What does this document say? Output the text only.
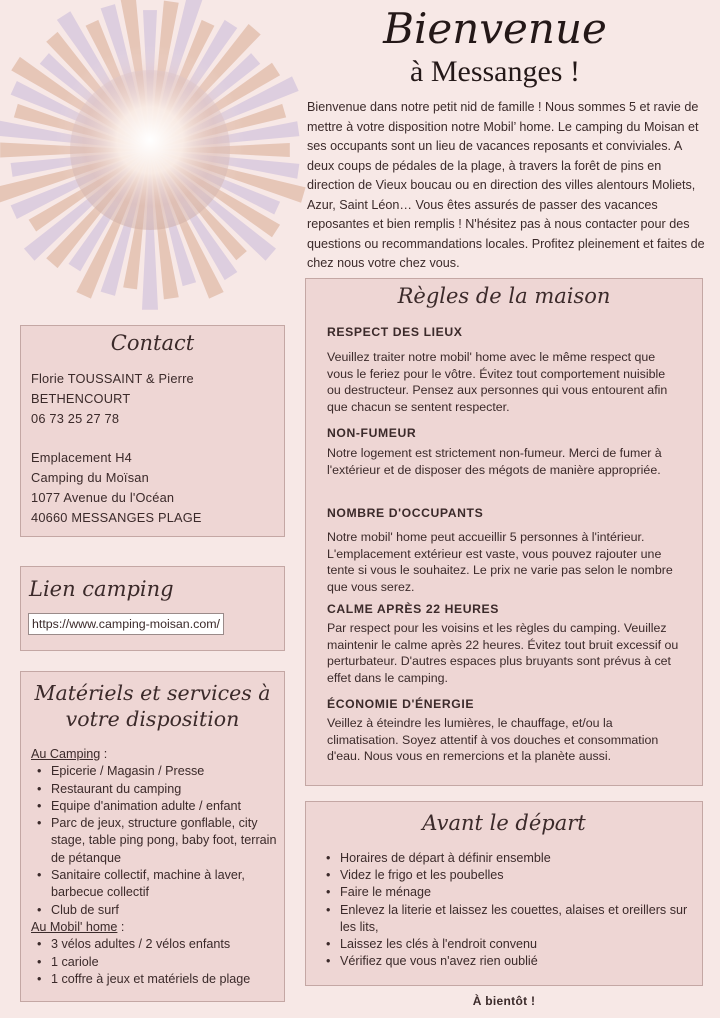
Bienvenue
à Messanges !

Bienvenue dans notre petit nid de famille ! Nous sommes 5 et ravie de mettre à votre disposition notre Mobil’ home. Le camping du Moisan et ses occupants sont un lieu de vacances reposants et conviviales. A deux coups de pédales de la plage, à travers la forêt de pins en direction de Vieux boucau ou en direction des villes alentours Moliets, Azur, Saint Léon… Vous êtes assurés de passer des vacances reposantes et bien remplis ! N'hésitez pas à nous contacter pour des questions ou recommandations locales. Profitez pleinement et faites de chez nous votre chez vous.

Contact

Florie TOUSSAINT & Pierre

BETHENCOURT

06 73 25 27 78

Emplacement H4

Camping du Moïsan

1077 Avenue du l'Océan

40660 MESSANGES PLAGE

Lien camping
https://www.camping-moisan.com/
Matériels et services à votre disposition
Au Camping :
• Epicerie / Magasin / Presse
• Restaurant du camping
• Equipe d'animation adulte / enfant
• Parc de jeux, structure gonflable, city stage, table ping pong, baby foot, terrain de pétanque
• Sanitaire collectif, machine à laver, barbecue collectif
• Club de surf
Au Mobil' home :
• 3 vélos adultes / 2 vélos enfants
• 1 cariole
• 1 coffre à jeux et matériels de plage
Règles de la maison
RESPECT DES LIEUX

Veuillez traiter notre mobil' home avec le même respect que vous le feriez pour le vôtre. Évitez tout comportement nuisible ou destructeur. Pensez aux personnes qui vous entourent afin que chacun se sentent respecter.

NON-FUMEUR

Notre logement est strictement non-fumeur. Merci de fumer à l'extérieur et de disposer des mégots de manière appropriée.

NOMBRE D'OCCUPANTS

Notre mobil' home peut accueillir 5 personnes à l'intérieur. L'emplacement extérieur est vaste, vous pouvez rajouter une tente si vous le souhaitez. Le prix ne varie pas selon le nombre que vous serez.

CALME APRÈS 22 HEURES

Par respect pour les voisins et les règles du camping. Veuillez maintenir le calme après 22 heures. Évitez tout bruit excessif ou perturbateur. D'autres espaces plus bruyants sont prévus à cet effet dans le camping.

ÉCONOMIE D'ÉNERGIE

Veillez à éteindre les lumières, le chauffage, et/ou la climatisation. Soyez attentif à vos douches et consommation d'eau. Nous vous en remercions et la planète aussi.

Avant le départ
• Horaires de départ à définir ensemble
• Videz le frigo et les poubelles
• Faire le ménage
• Enlevez la literie et laissez les couettes, alaises et oreillers sur les lits,
• Laissez les clés à l'endroit convenu
• Vérifiez que vous n'avez rien oublié
À bientôt !
